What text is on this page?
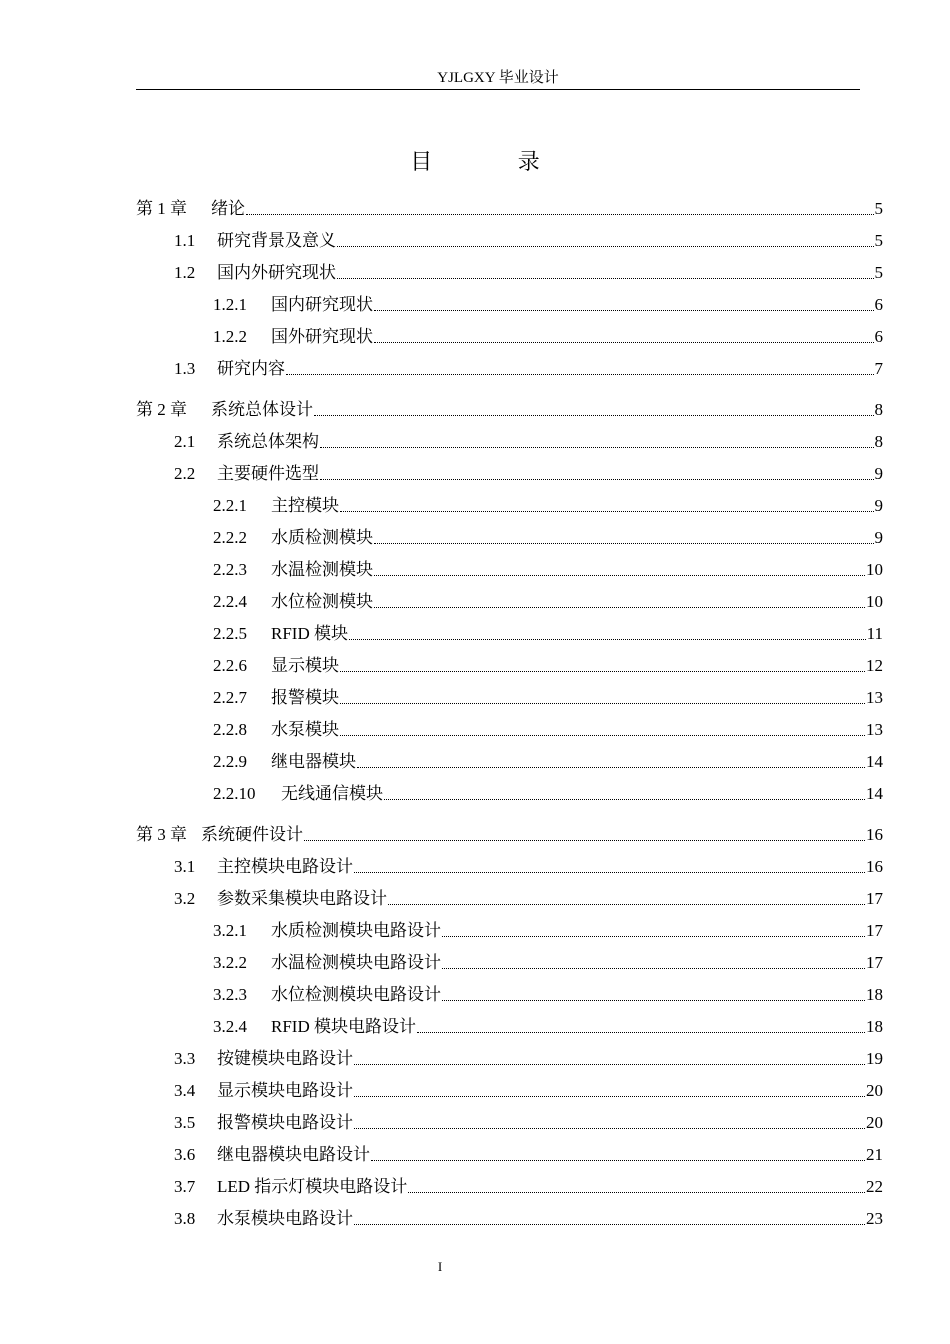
YJLGXY 毕业设计
目 录
第 1 章	绪论	5
1.1	研究背景及意义	5
1.2	国内外研究现状	5
1.2.1	国内研究现状	6
1.2.2	国外研究现状	6
1.3	研究内容	7
第 2 章	系统总体设计	8
2.1	系统总体架构	8
2.2	主要硬件选型	9
2.2.1	主控模块	9
2.2.2	水质检测模块	9
2.2.3	水温检测模块	10
2.2.4	水位检测模块	10
2.2.5	RFID 模块	11
2.2.6	显示模块	12
2.2.7	报警模块	13
2.2.8	水泵模块	13
2.2.9	继电器模块	14
2.2.10	无线通信模块	14
第 3 章 系统硬件设计	16
3.1	主控模块电路设计	16
3.2	参数采集模块电路设计	17
3.2.1	水质检测模块电路设计	17
3.2.2	水温检测模块电路设计	17
3.2.3	水位检测模块电路设计	18
3.2.4	RFID 模块电路设计	18
3.3	按键模块电路设计	19
3.4	显示模块电路设计	20
3.5	报警模块电路设计	20
3.6	继电器模块电路设计	21
3.7	LED 指示灯模块电路设计	22
3.8	水泵模块电路设计	23
I
